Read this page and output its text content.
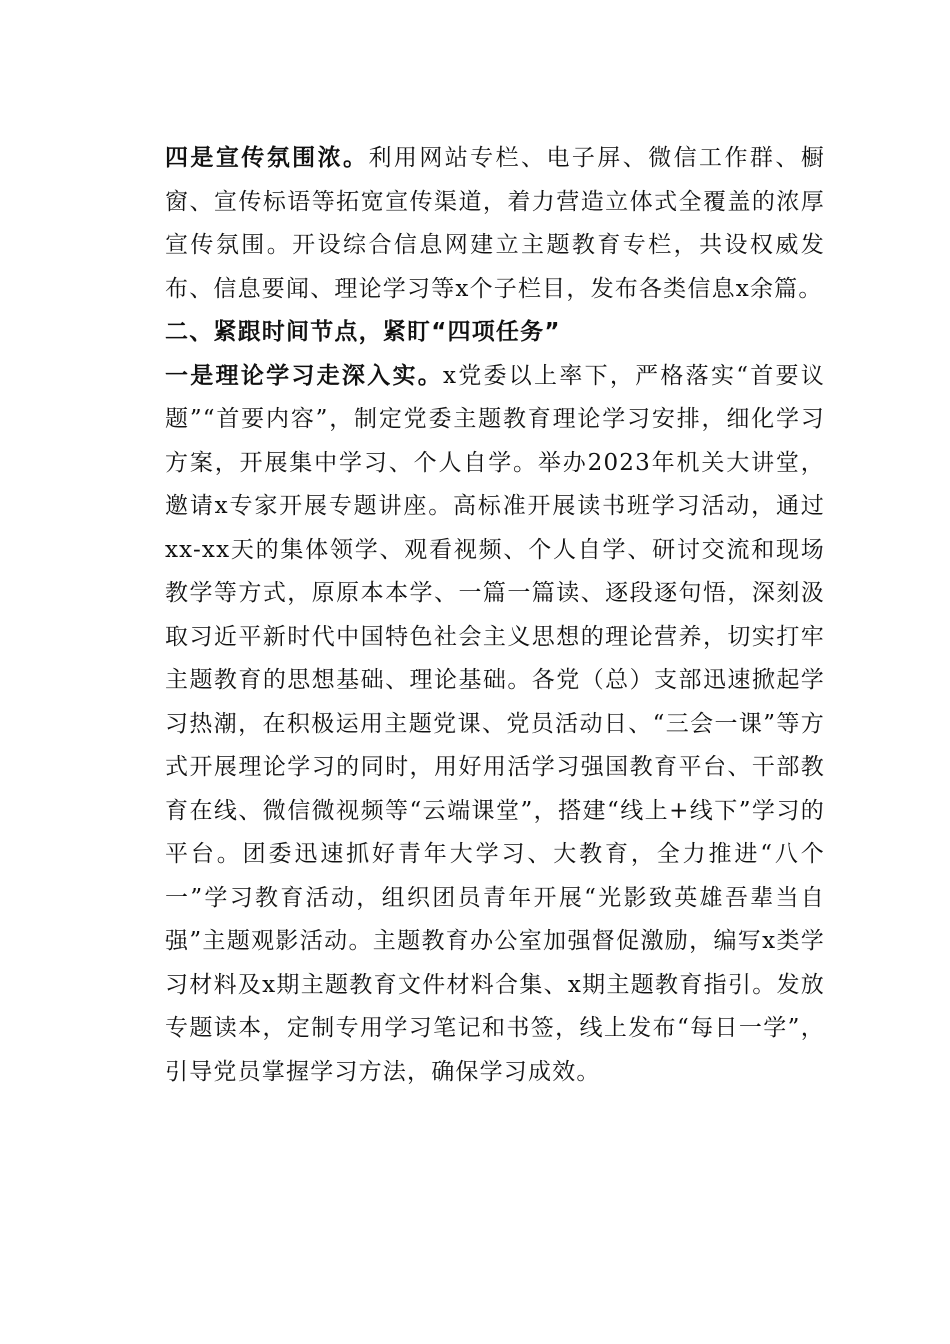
四是宣传氛围浓。利用网站专栏、电子屏、微信工作群、橱窗、宣传标语等拓宽宣传渠道，着力营造立体式全覆盖的浓厚宣传氛围。开设综合信息网建立主题教育专栏，共设权威发布、信息要闻、理论学习等x个子栏目，发布各类信息x余篇。

二、紧跟时间节点，紧盯“四项任务”

一是理论学习走深入实。x党委以上率下，严格落实“首要议题”“首要内容”，制定党委主题教育理论学习安排，细化学习方案，开展集中学习、个人自学。举办2023年机关大讲堂，邀请x专家开展专题讲座。高标准开展读书班学习活动，通过xx-xx天的集体领学、观看视频、个人自学、研讨交流和现场教学等方式，原原本本学、一篇一篇读、逐段逐句悟，深刻汲取习近平新时代中国特色社会主义思想的理论营养，切实打牢主题教育的思想基础、理论基础。各党（总）支部迅速掀起学习热潮，在积极运用主题党课、党员活动日、“三会一课”等方式开展理论学习的同时，用好用活学习强国教育平台、干部教育在线、微信微视频等“云端课堂”，搭建“线上+线下”学习的平台。团委迅速抓好青年大学习、大教育，全力推进“八个一”学习教育活动，组织团员青年开展“光影致英雄吾辈当自强”主题观影活动。主题教育办公室加强督促激励，编写x类学习材料及x期主题教育文件材料合集、x期主题教育指引。发放专题读本，定制专用学习笔记和书签，线上发布“每日一学”，引导党员掌握学习方法，确保学习成效。
